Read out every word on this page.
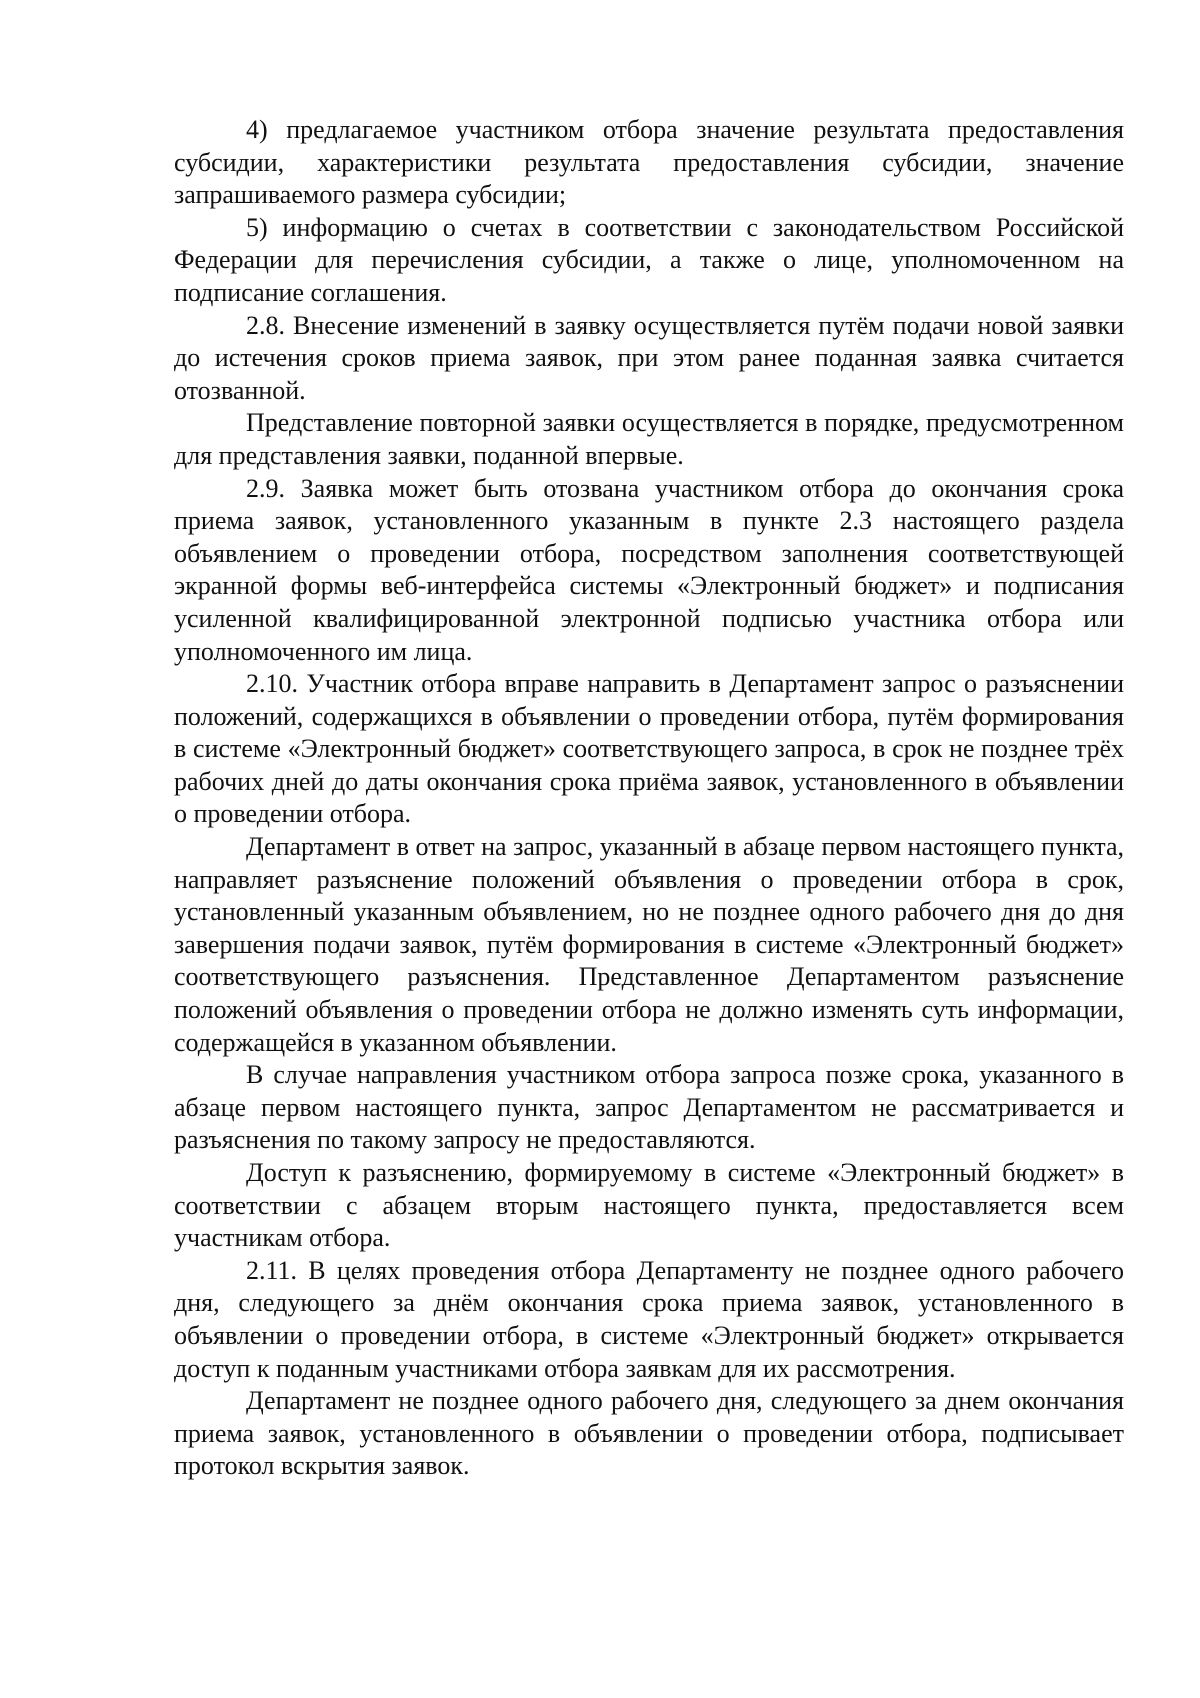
4) предлагаемое участником отбора значение результата предоставления субсидии, характеристики результата предоставления субсидии, значение запрашиваемого размера субсидии;

5) информацию о счетах в соответствии с законодательством Российской Федерации для перечисления субсидии, а также о лице, уполномоченном на подписание соглашения.

2.8. Внесение изменений в заявку осуществляется путём подачи новой заявки до истечения сроков приема заявок, при этом ранее поданная заявка считается отозванной.

Представление повторной заявки осуществляется в порядке, предусмотренном для представления заявки, поданной впервые.

2.9. Заявка может быть отозвана участником отбора до окончания срока приема заявок, установленного указанным в пункте 2.3 настоящего раздела объявлением о проведении отбора, посредством заполнения соответствующей экранной формы веб-интерфейса системы «Электронный бюджет» и подписания усиленной квалифицированной электронной подписью участника отбора или уполномоченного им лица.

2.10. Участник отбора вправе направить в Департамент запрос о разъяснении положений, содержащихся в объявлении о проведении отбора, путём формирования в системе «Электронный бюджет» соответствующего запроса, в срок не позднее трёх рабочих дней до даты окончания срока приёма заявок, установленного в объявлении о проведении отбора.

Департамент в ответ на запрос, указанный в абзаце первом настоящего пункта, направляет разъяснение положений объявления о проведении отбора в срок, установленный указанным объявлением, но не позднее одного рабочего дня до дня завершения подачи заявок, путём формирования в системе «Электронный бюджет» соответствующего разъяснения. Представленное Департаментом разъяснение положений объявления о проведении отбора не должно изменять суть информации, содержащейся в указанном объявлении.

В случае направления участником отбора запроса позже срока, указанного в абзаце первом настоящего пункта, запрос Департаментом не рассматривается и разъяснения по такому запросу не предоставляются.

Доступ к разъяснению, формируемому в системе «Электронный бюджет» в соответствии с абзацем вторым настоящего пункта, предоставляется всем участникам отбора.

2.11. В целях проведения отбора Департаменту не позднее одного рабочего дня, следующего за днём окончания срока приема заявок, установленного в объявлении о проведении отбора, в системе «Электронный бюджет» открывается доступ к поданным участниками отбора заявкам для их рассмотрения.

Департамент не позднее одного рабочего дня, следующего за днем окончания приема заявок, установленного в объявлении о проведении отбора, подписывает протокол вскрытия заявок.
